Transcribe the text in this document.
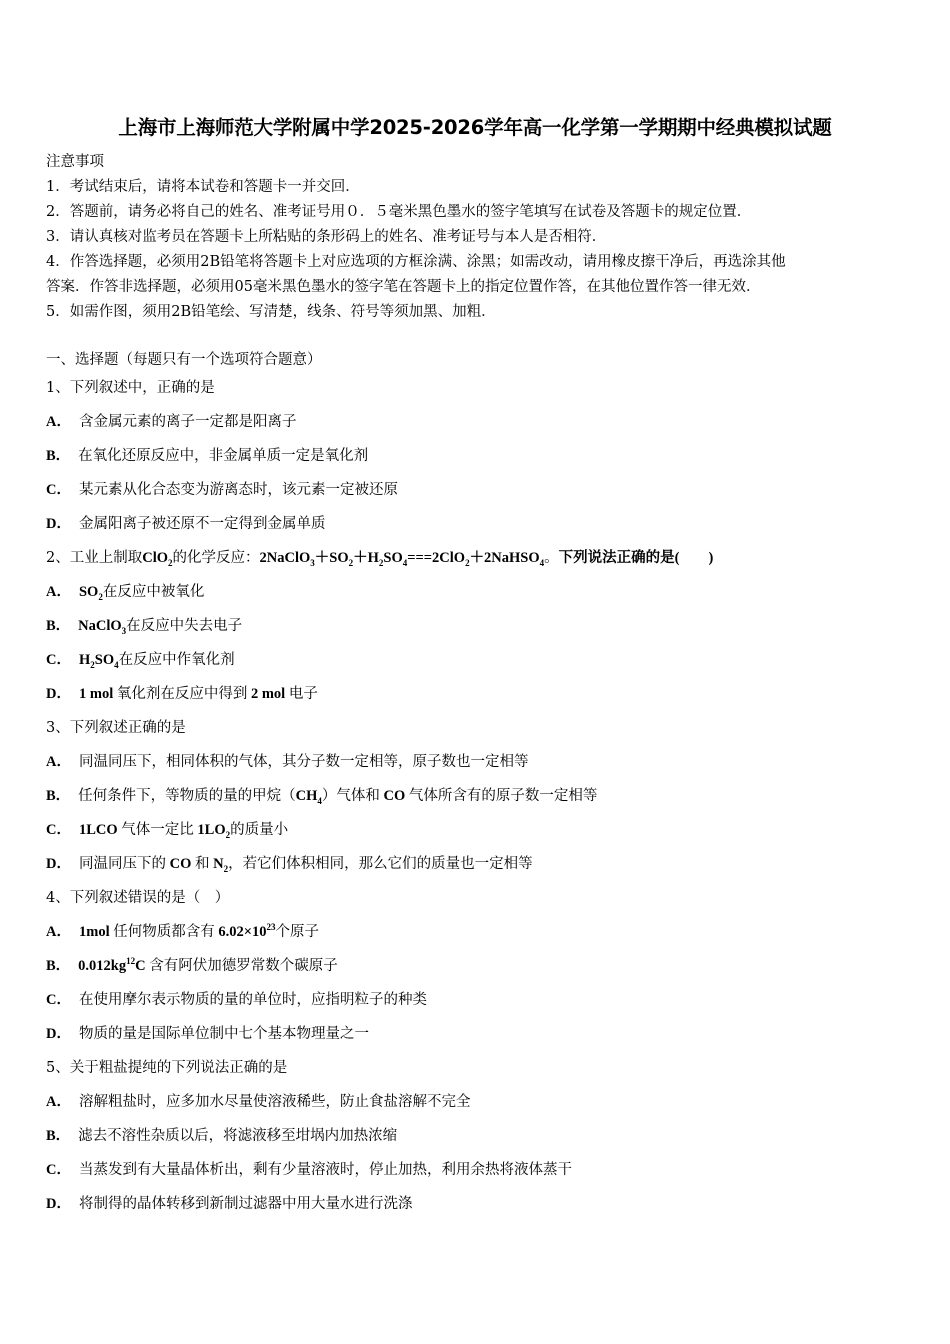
上海市上海师范大学附属中学2025-2026学年高一化学第一学期期中经典模拟试题
注意事项
1．考试结束后，请将本试卷和答题卡一并交回．
2．答题前，请务必将自己的姓名、准考证号用０．５毫米黑色墨水的签字笔填写在试卷及答题卡的规定位置．
3．请认真核对监考员在答题卡上所粘贴的条形码上的姓名、准考证号与本人是否相符．
4．作答选择题，必须用2B铅笔将答题卡上对应选项的方框涂满、涂黑；如需改动，请用橡皮擦干净后，再选涂其他
答案．作答非选择题，必须用05毫米黑色墨水的签字笔在答题卡上的指定位置作答，在其他位置作答一律无效．
5．如需作图，须用2B铅笔绘、写清楚，线条、符号等须加黑、加粗．
一、选择题（每题只有一个选项符合题意）
1、下列叙述中，正确的是
A． 含金属元素的离子一定都是阳离子
B． 在氧化还原反应中，非金属单质一定是氧化剂
C． 某元素从化合态变为游离态时，该元素一定被还原
D． 金属阳离子被还原不一定得到金属单质
2、工业上制取ClO$_2$的化学反应：$2NaClO_3+SO_2+H_2SO_4===2ClO_2+2NaHSO_4$。下列说法正确的是(　　)
A． $SO_2$在反应中被氧化
B． NaClO$_3$在反应中失去电子
C． $H_2SO_4$在反应中作氧化剂
D． 1 mol 氧化剂在反应中得到 2 mol 电子
3、下列叙述正确的是
A． 同温同压下，相同体积的气体，其分子数一定相等，原子数也一定相等
B． 任何条件下，等物质的量的甲烷$(CH_4)$气体和 CO 气体所含有的原子数一定相等
C． 1LCO 气体一定比 $1LO_2$的质量小
D． 同温同压下的 CO 和 $N_2$，若它们体积相同，那么它们的质量也一定相等
4、下列叙述错误的是（　）
A． 1mol 任何物质都含有 $6.02\times 10^{23}$个原子
B． $0.012kg^{12}C$ 含有阿伏加德罗常数个碳原子
C． 在使用摩尔表示物质的量的单位时，应指明粒子的种类
D． 物质的量是国际单位制中七个基本物理量之一
5、关于粗盐提纯的下列说法正确的是
A． 溶解粗盐时，应多加水尽量使溶液稀些，防止食盐溶解不完全
B． 滤去不溶性杂质以后，将滤液移至坩埚内加热浓缩
C． 当蒸发到有大量晶体析出，剩有少量溶液时，停止加热，利用余热将液体蒸干
D． 将制得的晶体转移到新制过滤器中用大量水进行洗涤
